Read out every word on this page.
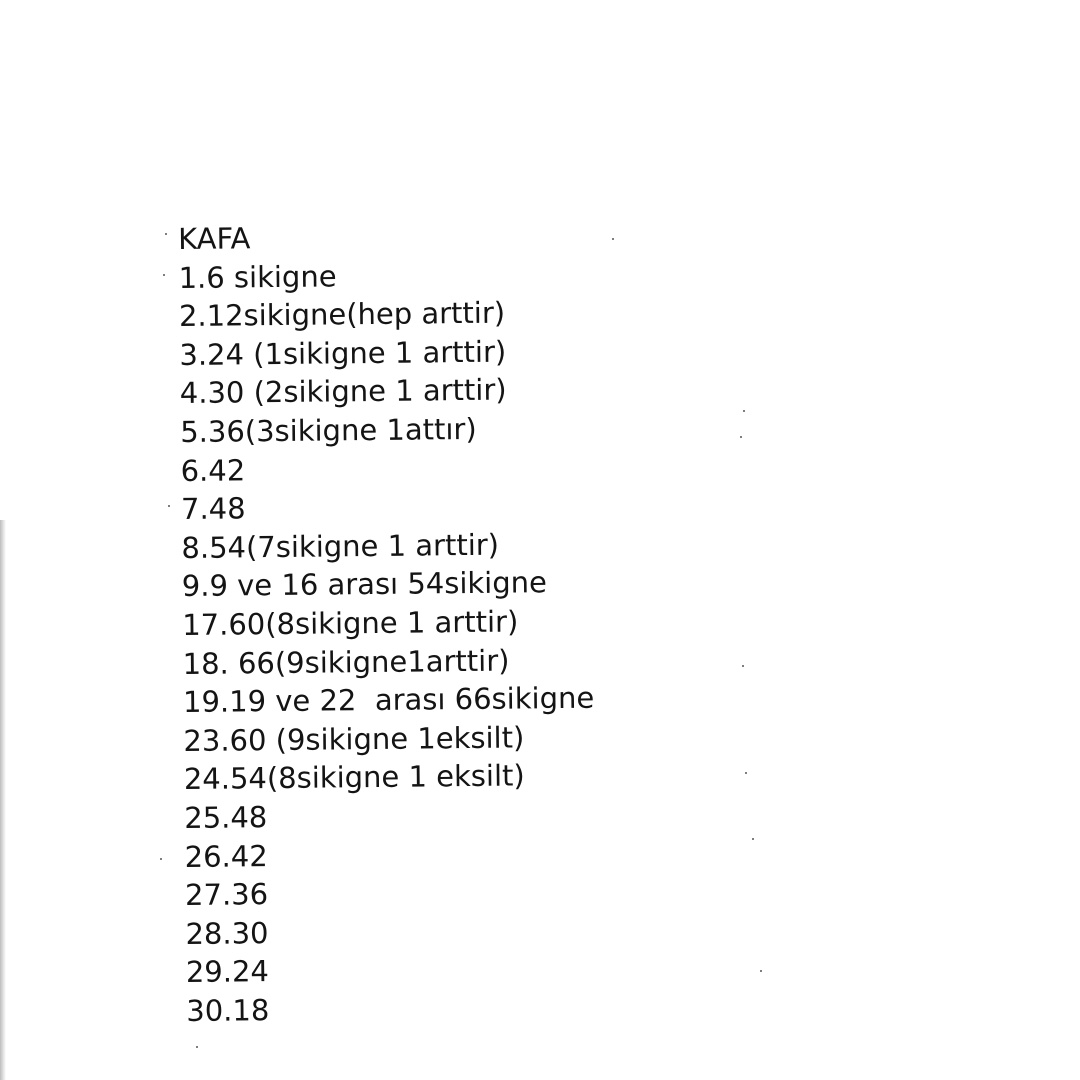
KAFA
1.6 sikigne
2.12sikigne(hep arttir)
3.24 (1sikigne 1 arttir)
4.30 (2sikigne 1 arttir)
5.36(3sikigne 1attır)
6.42
7.48
8.54(7sikigne 1 arttir)
9.9 ve 16 arası 54sikigne
17.60(8sikigne 1 arttir)
18. 66(9sikigne1arttir)
19.19 ve 22  arası 66sikigne
23.60 (9sikigne 1eksilt)
24.54(8sikigne 1 eksilt)
25.48
26.42
27.36
28.30
29.24
30.18
